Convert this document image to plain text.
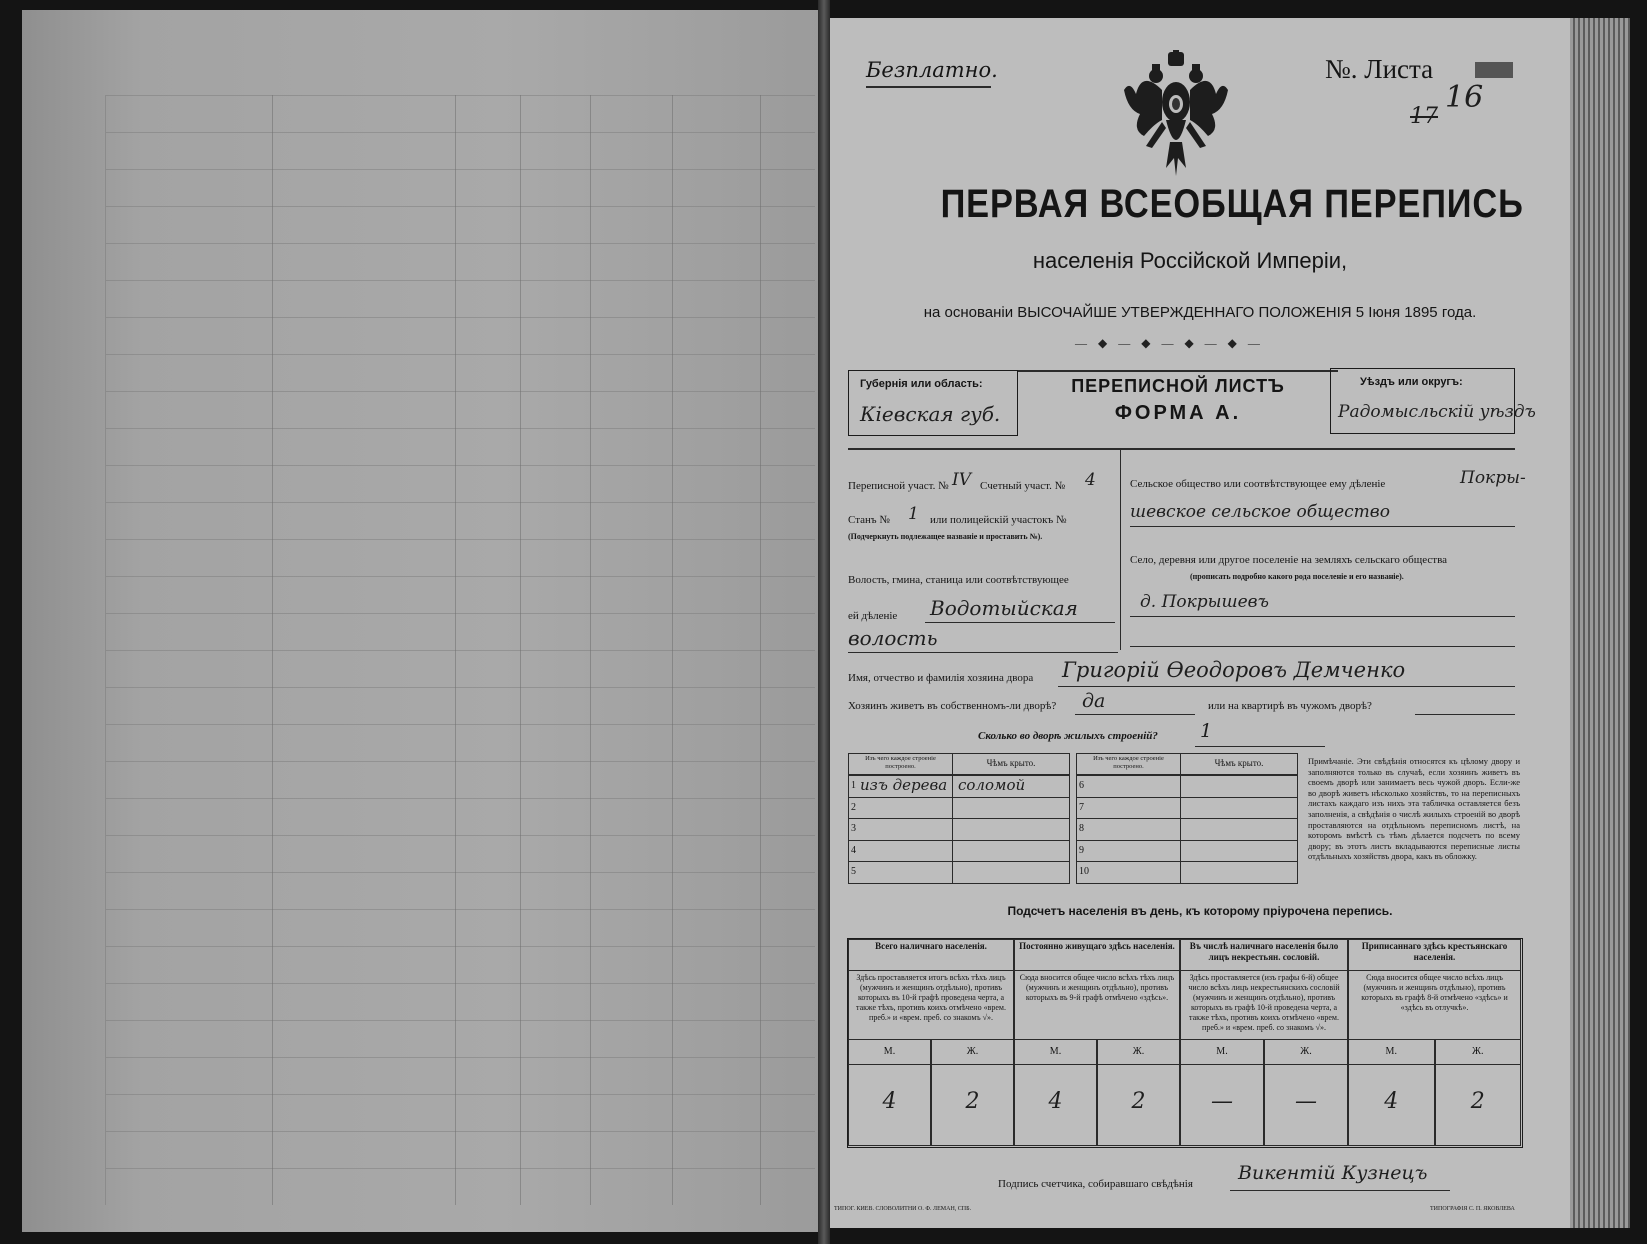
Безплатно.	№. Листа
17
16
ПЕРВАЯ ВСЕОБЩАЯ ПЕРЕПИСЬ
населенія Россійской Имперіи,
на основаніи ВЫСОЧАЙШЕ УТВЕРЖДЕННАГО ПОЛОЖЕНІЯ 5 Іюня 1895 года.
— ◆ — ◆ — ◆ — ◆ —
Губернія или область:
Кіевская губ.
ПЕРЕПИСНОЙ ЛИСТЪ
ФОРМА А.
Уѣздъ или округъ:
Радомысльскій уѣздъ
Переписной участ. № IV Счетный участ. № 4
Станъ № 1 или полицейскій участокъ №
(Подчеркнуть подлежащее названіе и проставить №).
Волость, гмина, станица или соотвѣтствующее
ей дѣленіе Водотыйская
волость
Сельское общество или соотвѣтствующее ему дѣленіе	Покры-
шевское сельское общество
Село, деревня или другое поселеніе на земляхъ сельскаго общества
(прописать подробно какого рода поселеніе и его названіе).
д. Покрышевъ
Имя, отчество и фамилія хозяина двора Григорій Өеодоровъ Демченко
Хозяинъ живетъ въ собственномъ-ли дворѣ? да	или на квартирѣ въ чужомъ дворѣ?
Сколько во дворѣ жилыхъ строеній? 1
Изъ чего каждое строеніе построено.	Чѣмъ крыто.
1 изъ дерева соломой
2
3
4
5
Изъ чего каждое строеніе построено.	Чѣмъ крыто.
6
7
8
9
10
Примѣчаніе. Эти свѣдѣнія относятся къ цѣлому двору и заполняются только въ случаѣ, если хозяинъ живетъ въ своемъ дворѣ или занимаетъ весь чужой дворъ. Если-же во дворѣ живетъ нѣсколько хозяйствъ, то на переписныхъ листахъ каждаго изъ нихъ эта табличка оставляется безъ заполненія, а свѣдѣнія о числѣ жилыхъ строеній во дворѣ проставляются на отдѣльномъ переписномъ листѣ, на которомъ вмѣстѣ съ тѣмъ дѣлается подсчетъ по всему двору; въ этотъ листъ вкладываются переписные листы отдѣльныхъ хозяйствъ двора, какъ въ обложку.
Подсчетъ населенія въ день, къ которому пріурочена перепись.
Всего наличнаго населенія.
Здѣсь проставляется итогъ всѣхъ тѣхъ лицъ (мужчинъ и женщинъ отдѣльно), противъ которыхъ въ 10-й графѣ проведена черта, а также тѣхъ, противъ коихъ отмѣчено «врем. преб.» и «врем. преб. со знакомъ √».
М.	Ж.
4	2
Постоянно живущаго здѣсь населенія.
Сюда вносится общее число всѣхъ тѣхъ лицъ (мужчинъ и женщинъ отдѣльно), противъ которыхъ въ 9-й графѣ отмѣчено «здѣсь».
М.	Ж.
4	2
Въ числѣ наличнаго населенія было лицъ некрестьян. сословій.
Здѣсь проставляется (изъ графы 6-й) общее число всѣхъ лицъ некрестьянскихъ сословій (мужчинъ и женщинъ отдѣльно), противъ которыхъ въ графѣ 10-й проведена черта, а также тѣхъ, противъ коихъ отмѣчено «врем. преб.» и «врем. преб. со знакомъ √».
М.	Ж.
—	—
Приписаннаго здѣсь крестьянскаго населенія.
Сюда вносится общее число всѣхъ лицъ (мужчинъ и женщинъ отдѣльно), противъ которыхъ въ графѣ 8-й отмѣчено «здѣсь» и «здѣсь въ отлучкѣ».
М.	Ж.
4	2
Подпись счетчика, собиравшаго свѣдѣнія Викентій Кузнецъ
ТИПОГ. КИЕВ. СЛОВОЛИТНИ О. Ф. ЛЕМАН, СПБ.	ТИПОГРАФІЯ С. П. ЯКОВЛЕВА
